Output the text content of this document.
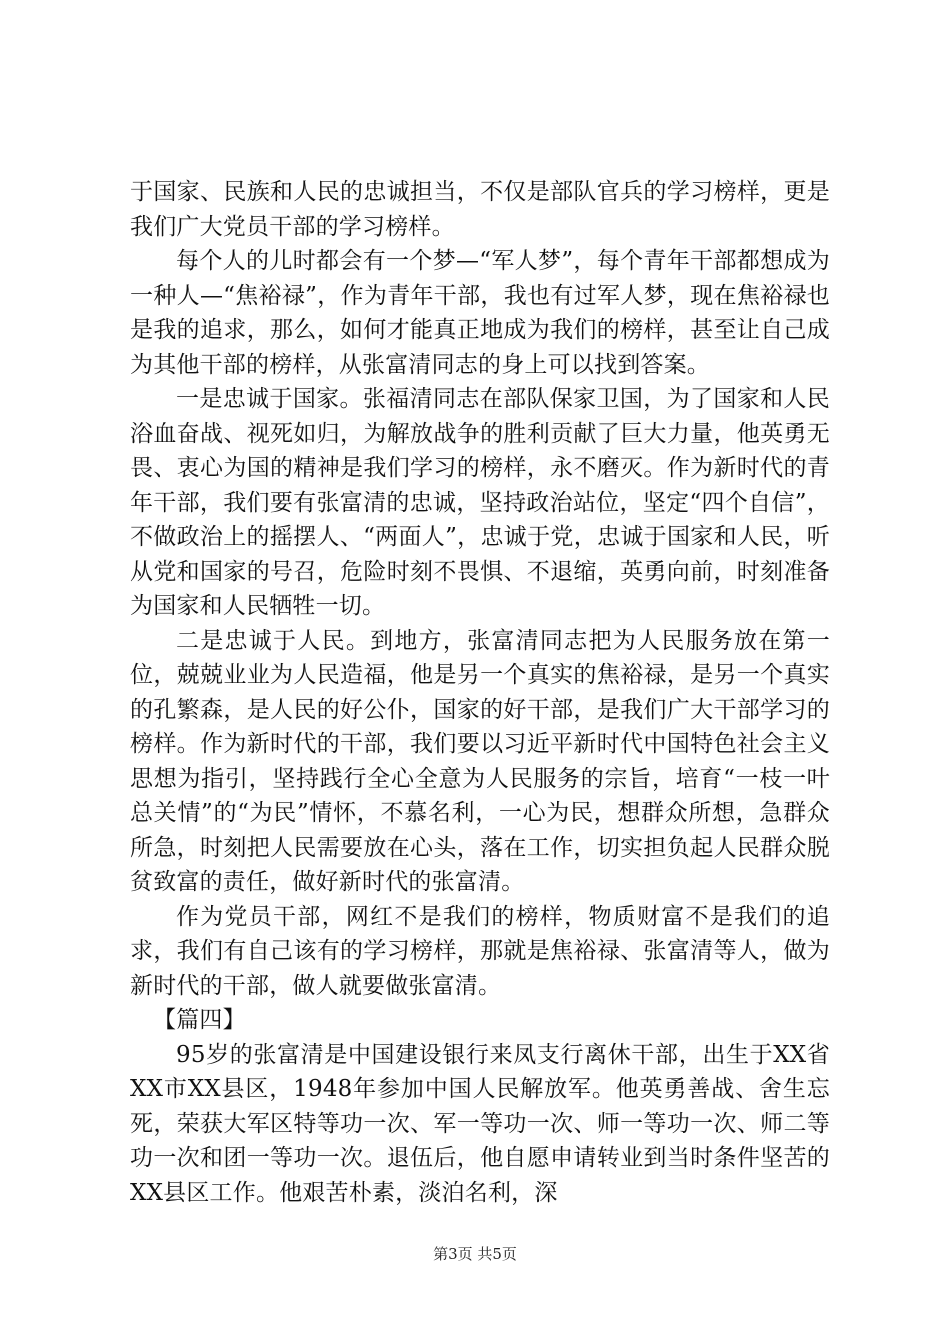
于国家、民族和人民的忠诚担当，不仅是部队官兵的学习榜样，更是我们广大党员干部的学习榜样。

每个人的儿时都会有一个梦—“军人梦”，每个青年干部都想成为一种人—“焦裕禄”，作为青年干部，我也有过军人梦，现在焦裕禄也是我的追求，那么，如何才能真正地成为我们的榜样，甚至让自己成为其他干部的榜样，从张富清同志的身上可以找到答案。

一是忠诚于国家。张福清同志在部队保家卫国，为了国家和人民浴血奋战、视死如归，为解放战争的胜利贡献了巨大力量，他英勇无畏、衷心为国的精神是我们学习的榜样，永不磨灭。作为新时代的青年干部，我们要有张富清的忠诚，坚持政治站位，坚定“四个自信”，不做政治上的摇摆人、“两面人”，忠诚于党，忠诚于国家和人民，听从党和国家的号召，危险时刻不畏惧、不退缩，英勇向前，时刻准备为国家和人民牺牲一切。

二是忠诚于人民。到地方，张富清同志把为人民服务放在第一位，兢兢业业为人民造福，他是另一个真实的焦裕禄，是另一个真实的孔繁森，是人民的好公仆，国家的好干部，是我们广大干部学习的榜样。作为新时代的干部，我们要以习近平新时代中国特色社会主义思想为指引，坚持践行全心全意为人民服务的宗旨，培育“一枝一叶总关情”的“为民”情怀，不慕名利，一心为民，想群众所想，急群众所急，时刻把人民需要放在心头，落在工作，切实担负起人民群众脱贫致富的责任，做好新时代的张富清。

作为党员干部，网红不是我们的榜样，物质财富不是我们的追求，我们有自己该有的学习榜样，那就是焦裕禄、张富清等人，做为新时代的干部，做人就要做张富清。

【篇四】

95岁的张富清是中国建设银行来凤支行离休干部，出生于XX省XX市XX县区，1948年参加中国人民解放军。他英勇善战、舍生忘死，荣获大军区特等功一次、军一等功一次、师一等功一次、师二等功一次和团一等功一次。退伍后，他自愿申请转业到当时条件坚苦的XX县区工作。他艰苦朴素，淡泊名利，深

第3页 共5页
